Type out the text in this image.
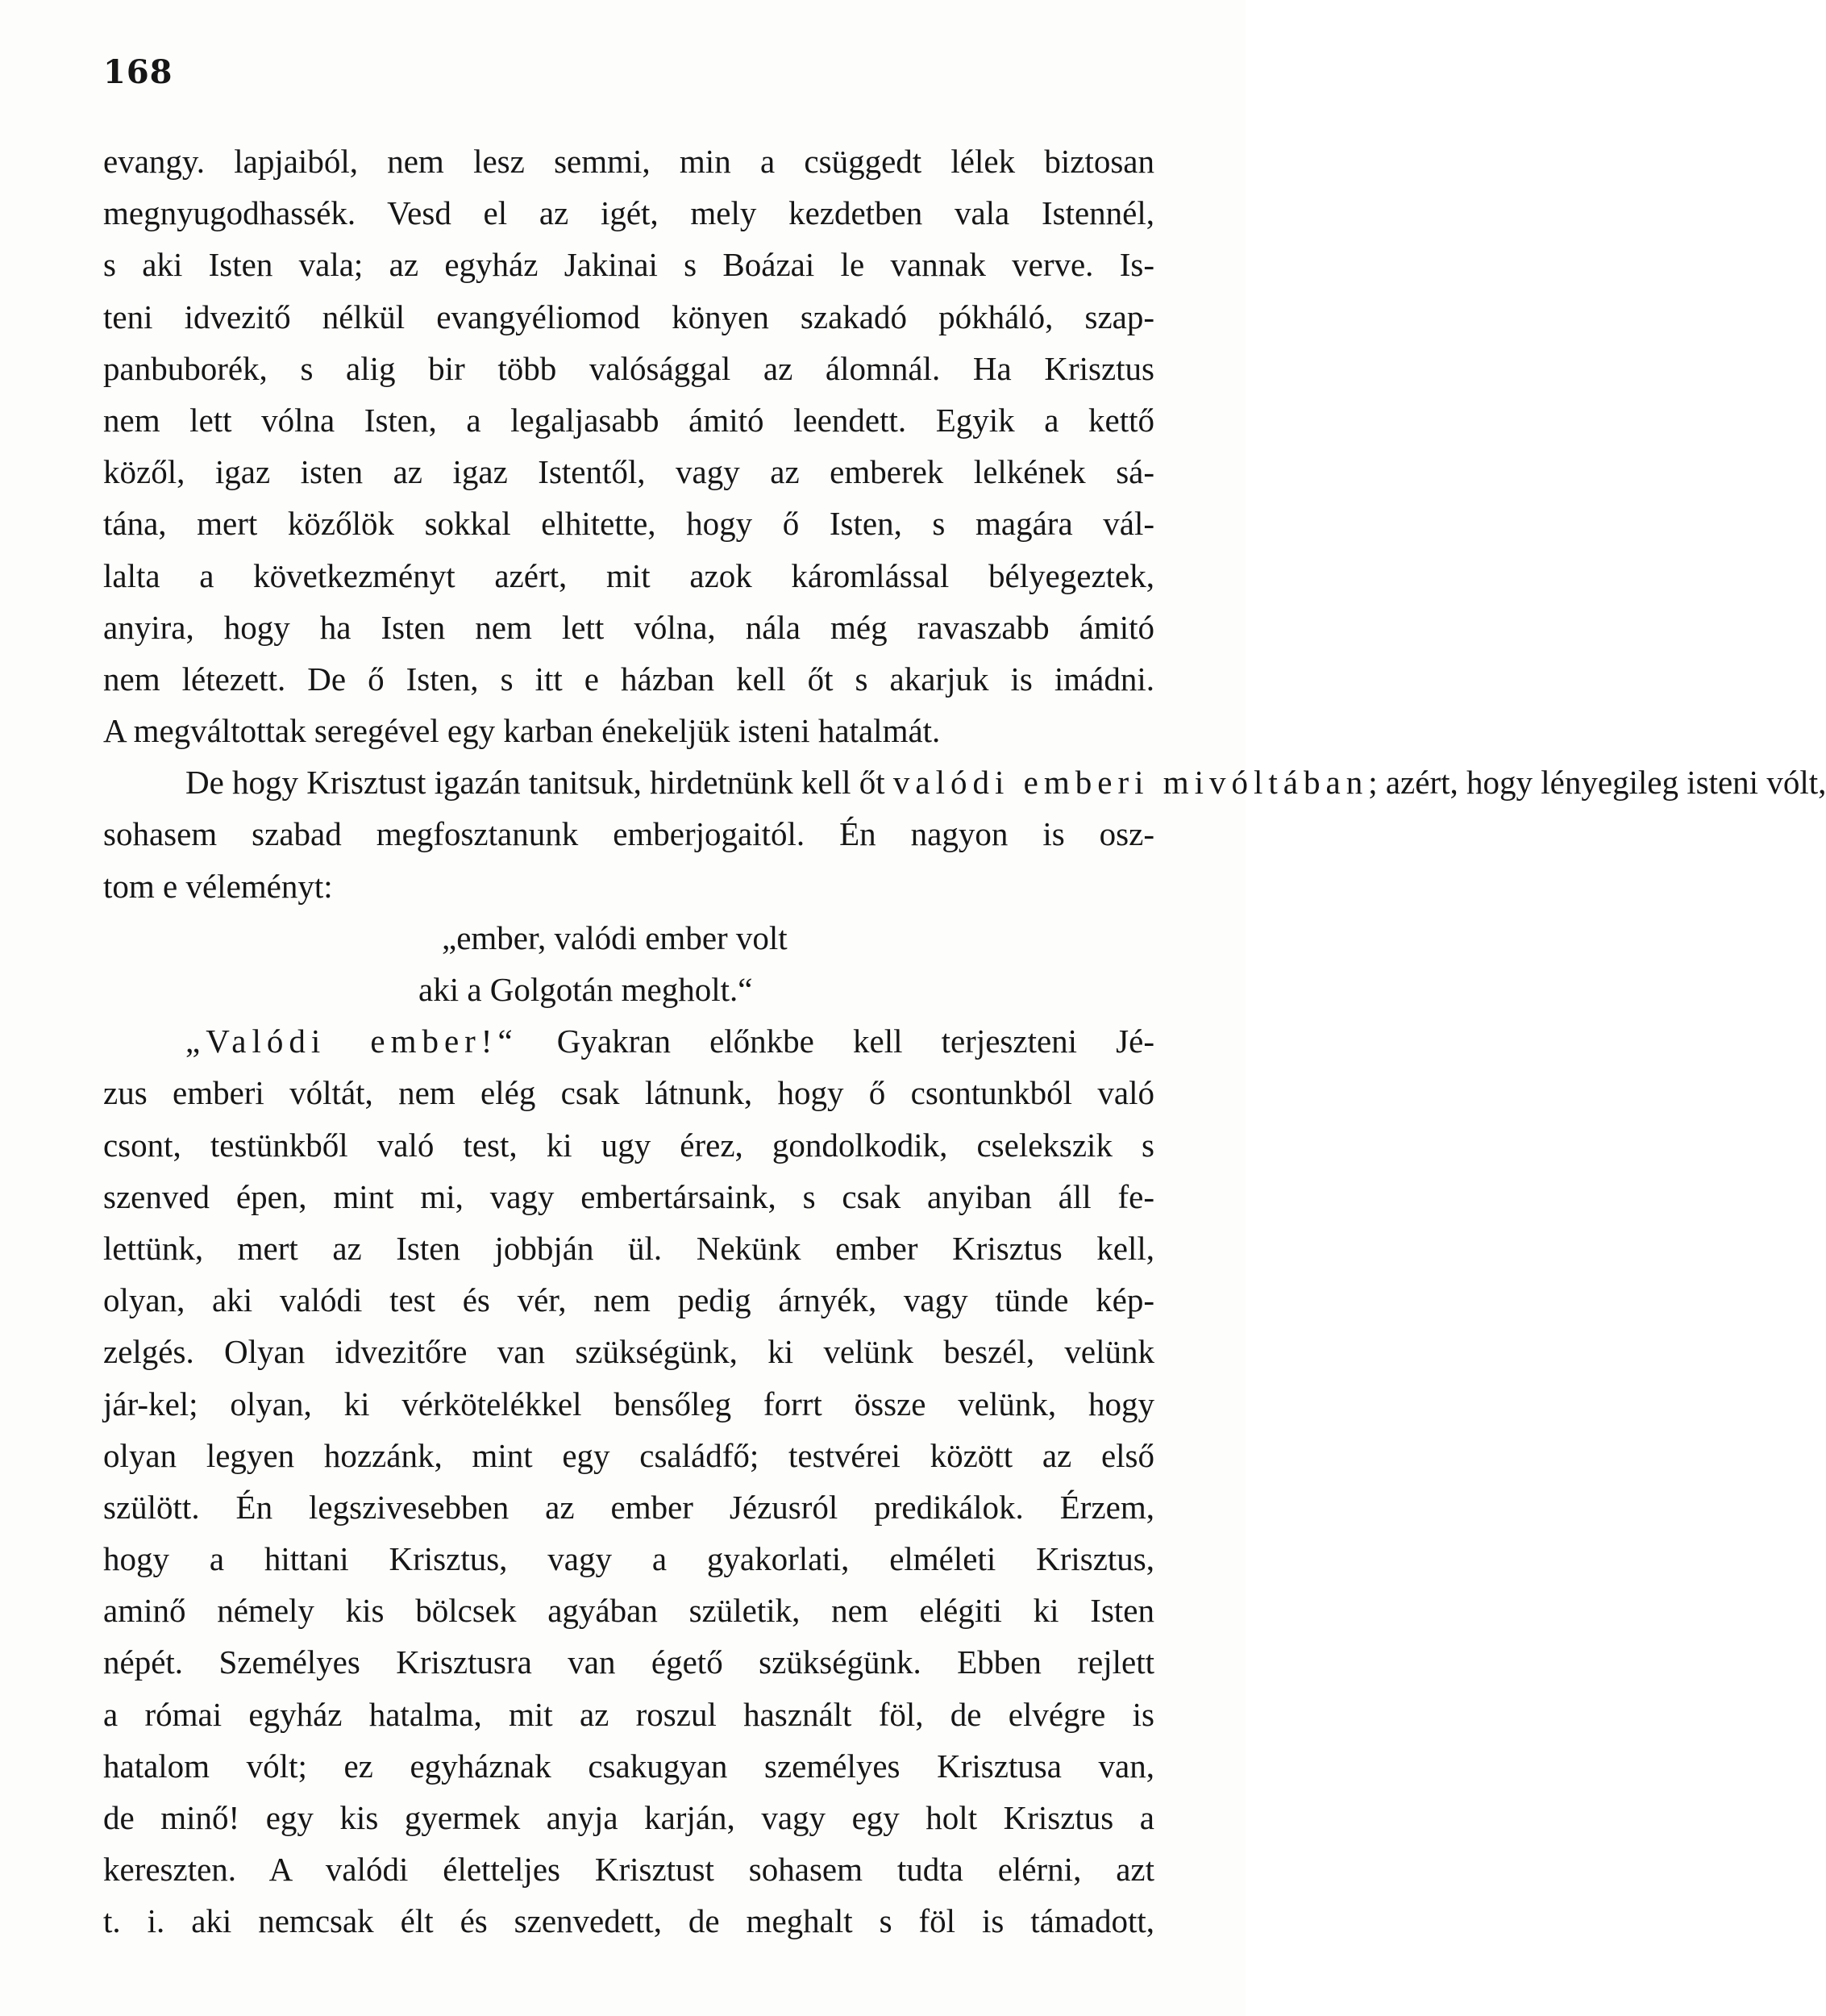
168
evangy. lapjaiból, nem lesz semmi, min a csüggedt lélek biztosan
megnyugodhassék. Vesd el az igét, mely kezdetben vala Istennél,
s aki Isten vala; az egyház Jakinai s Boázai le vannak verve. Is-
teni idvezitő nélkül evangyéliomod könyen szakadó pókháló, szap-
panbuborék, s alig bir több valósággal az álomnál. Ha Krisztus
nem lett vólna Isten, a legaljasabb ámitó leendett. Egyik a kettő
közől, igaz isten az igaz Istentől, vagy az emberek lelkének sá-
tána, mert közőlök sokkal elhitette, hogy ő Isten, s magára vál-
lalta a következményt azért, mit azok káromlással bélyegeztek,
anyira, hogy ha Isten nem lett vólna, nála még ravaszabb ámitó
nem létezett. De ő Isten, s itt e házban kell őt s akarjuk is imádni.
A megváltottak seregével egy karban énekeljük isteni hatalmát.
De hogy Krisztust igazán tanitsuk, hirdetnünk kell őt valódi emberi mivóltában; azért, hogy lényegileg isteni vólt,
sohasem szabad megfosztanunk emberjogaitól. Én nagyon is osz-
tom e véleményt:
„ember, valódi ember volt
aki a Golgotán megholt.“
„Valódi ember!“ Gyakran előnkbe kell terjeszteni Jé-
zus emberi vóltát, nem elég csak látnunk, hogy ő csontunkból való
csont, testünkből való test, ki ugy érez, gondolkodik, cselekszik s
szenved épen, mint mi, vagy embertársaink, s csak anyiban áll fe-
lettünk, mert az Isten jobbján ül. Nekünk ember Krisztus kell,
olyan, aki valódi test és vér, nem pedig árnyék, vagy tünde kép-
zelgés. Olyan idvezitőre van szükségünk, ki velünk beszél, velünk
jár-kel; olyan, ki vérkötelékkel bensőleg forrt össze velünk, hogy
olyan legyen hozzánk, mint egy családfő; testvérei között az első
szülött. Én legszivesebben az ember Jézusról predikálok. Érzem,
hogy a hittani Krisztus, vagy a gyakorlati, elméleti Krisztus,
aminő némely kis bölcsek agyában születik, nem elégiti ki Isten
népét. Személyes Krisztusra van égető szükségünk. Ebben rejlett
a római egyház hatalma, mit az roszul használt föl, de elvégre is
hatalom vólt; ez egyháznak csakugyan személyes Krisztusa van,
de minő! egy kis gyermek anyja karján, vagy egy holt Krisztus a
kereszten. A valódi életteljes Krisztust sohasem tudta elérni, azt
t. i. aki nemcsak élt és szenvedett, de meghalt s föl is támadott,
